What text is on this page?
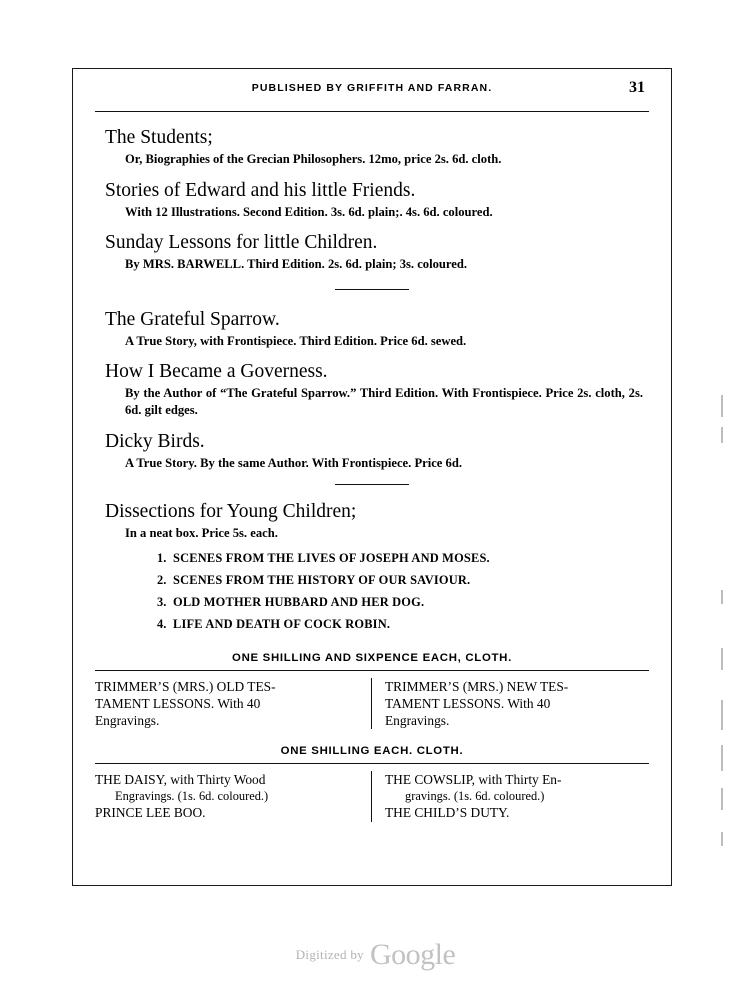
PUBLISHED BY GRIFFITH AND FARRAN.	31
The Students;
Or, Biographies of the Grecian Philosophers. 12mo, price 2s. 6d. cloth.
Stories of Edward and his little Friends.
With 12 Illustrations. Second Edition. 3s. 6d. plain;. 4s. 6d. coloured.
Sunday Lessons for little Children.
By MRS. BARWELL. Third Edition. 2s. 6d. plain; 3s. coloured.
The Grateful Sparrow.
A True Story, with Frontispiece. Third Edition. Price 6d. sewed.
How I Became a Governess.
By the Author of “The Grateful Sparrow.” Third Edition. With Frontispiece. Price 2s. cloth, 2s. 6d. gilt edges.
Dicky Birds.
A True Story. By the same Author. With Frontispiece. Price 6d.
Dissections for Young Children;
In a neat box. Price 5s. each.
1. SCENES FROM THE LIVES OF JOSEPH AND MOSES.
2. SCENES FROM THE HISTORY OF OUR SAVIOUR.
3. OLD MOTHER HUBBARD AND HER DOG.
4. LIFE AND DEATH OF COCK ROBIN.
ONE SHILLING AND SIXPENCE EACH, CLOTH.
TRIMMER’S (MRS.) OLD TES-
TAMENT LESSONS. With 40
Engravings.
TRIMMER’S (MRS.) NEW TES-
TAMENT LESSONS. With 40
Engravings.
ONE SHILLING EACH. CLOTH.
THE DAISY, with Thirty Wood
Engravings. (1s. 6d. coloured.)
PRINCE LEE BOO.
THE COWSLIP, with Thirty En-
gravings. (1s. 6d. coloured.)
THE CHILD’S DUTY.
Digitized by Google
